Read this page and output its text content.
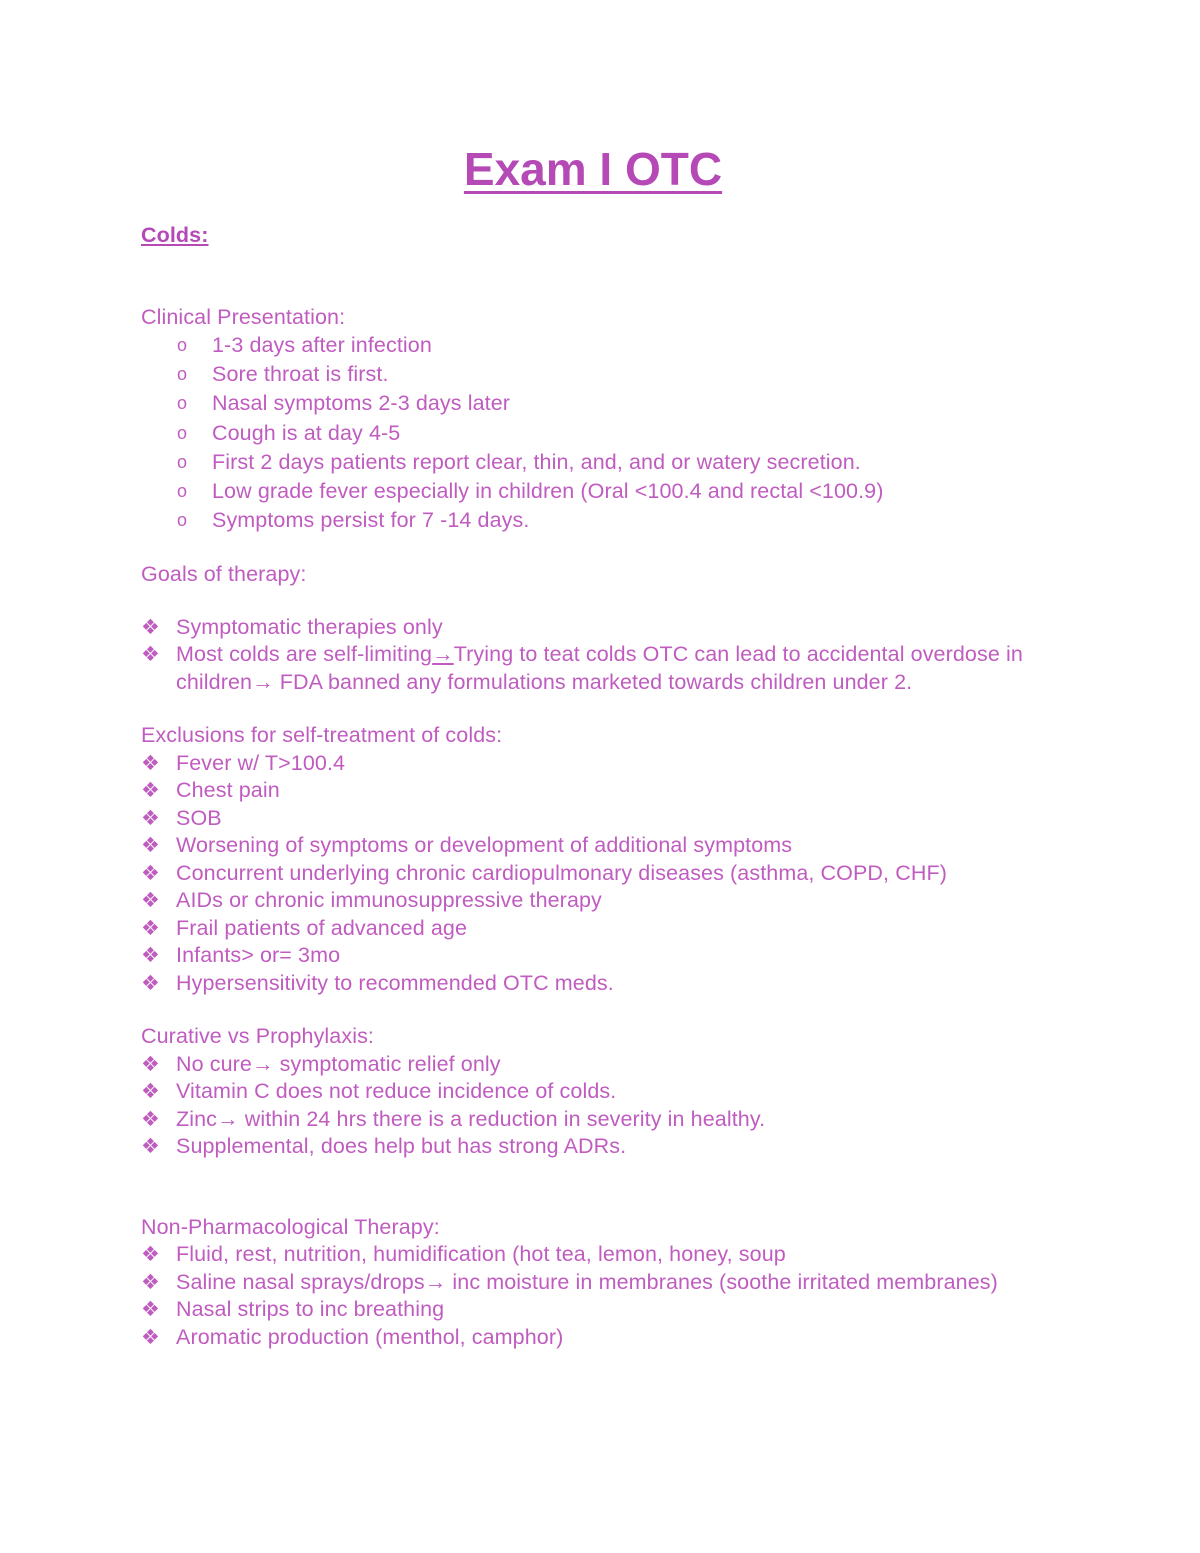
Exam I OTC
Colds:
Clinical Presentation:
o 1-3 days after infection
o Sore throat is first.
o Nasal symptoms 2-3 days later
o Cough is at day 4-5
o First 2 days patients report clear, thin, and, and or watery secretion.
o Low grade fever especially in children (Oral <100.4 and rectal <100.9)
o Symptoms persist for 7 -14 days.
Goals of therapy:
❖ Symptomatic therapies only
❖ Most colds are self-limiting→Trying to teat colds OTC can lead to accidental overdose in children→ FDA banned any formulations marketed towards children under 2.
Exclusions for self-treatment of colds:
❖ Fever w/ T>100.4
❖ Chest pain
❖ SOB
❖ Worsening of symptoms or development of additional symptoms
❖ Concurrent underlying chronic cardiopulmonary diseases (asthma, COPD, CHF)
❖ AIDs or chronic immunosuppressive therapy
❖ Frail patients of advanced age
❖ Infants> or= 3mo
❖ Hypersensitivity to recommended OTC meds.
Curative vs Prophylaxis:
❖ No cure→ symptomatic relief only
❖ Vitamin C does not reduce incidence of colds.
❖ Zinc→ within 24 hrs there is a reduction in severity in healthy.
❖ Supplemental, does help but has strong ADRs.
Non-Pharmacological Therapy:
❖ Fluid, rest, nutrition, humidification (hot tea, lemon, honey, soup
❖ Saline nasal sprays/drops→ inc moisture in membranes (soothe irritated membranes)
❖ Nasal strips to inc breathing
❖ Aromatic production (menthol, camphor)
